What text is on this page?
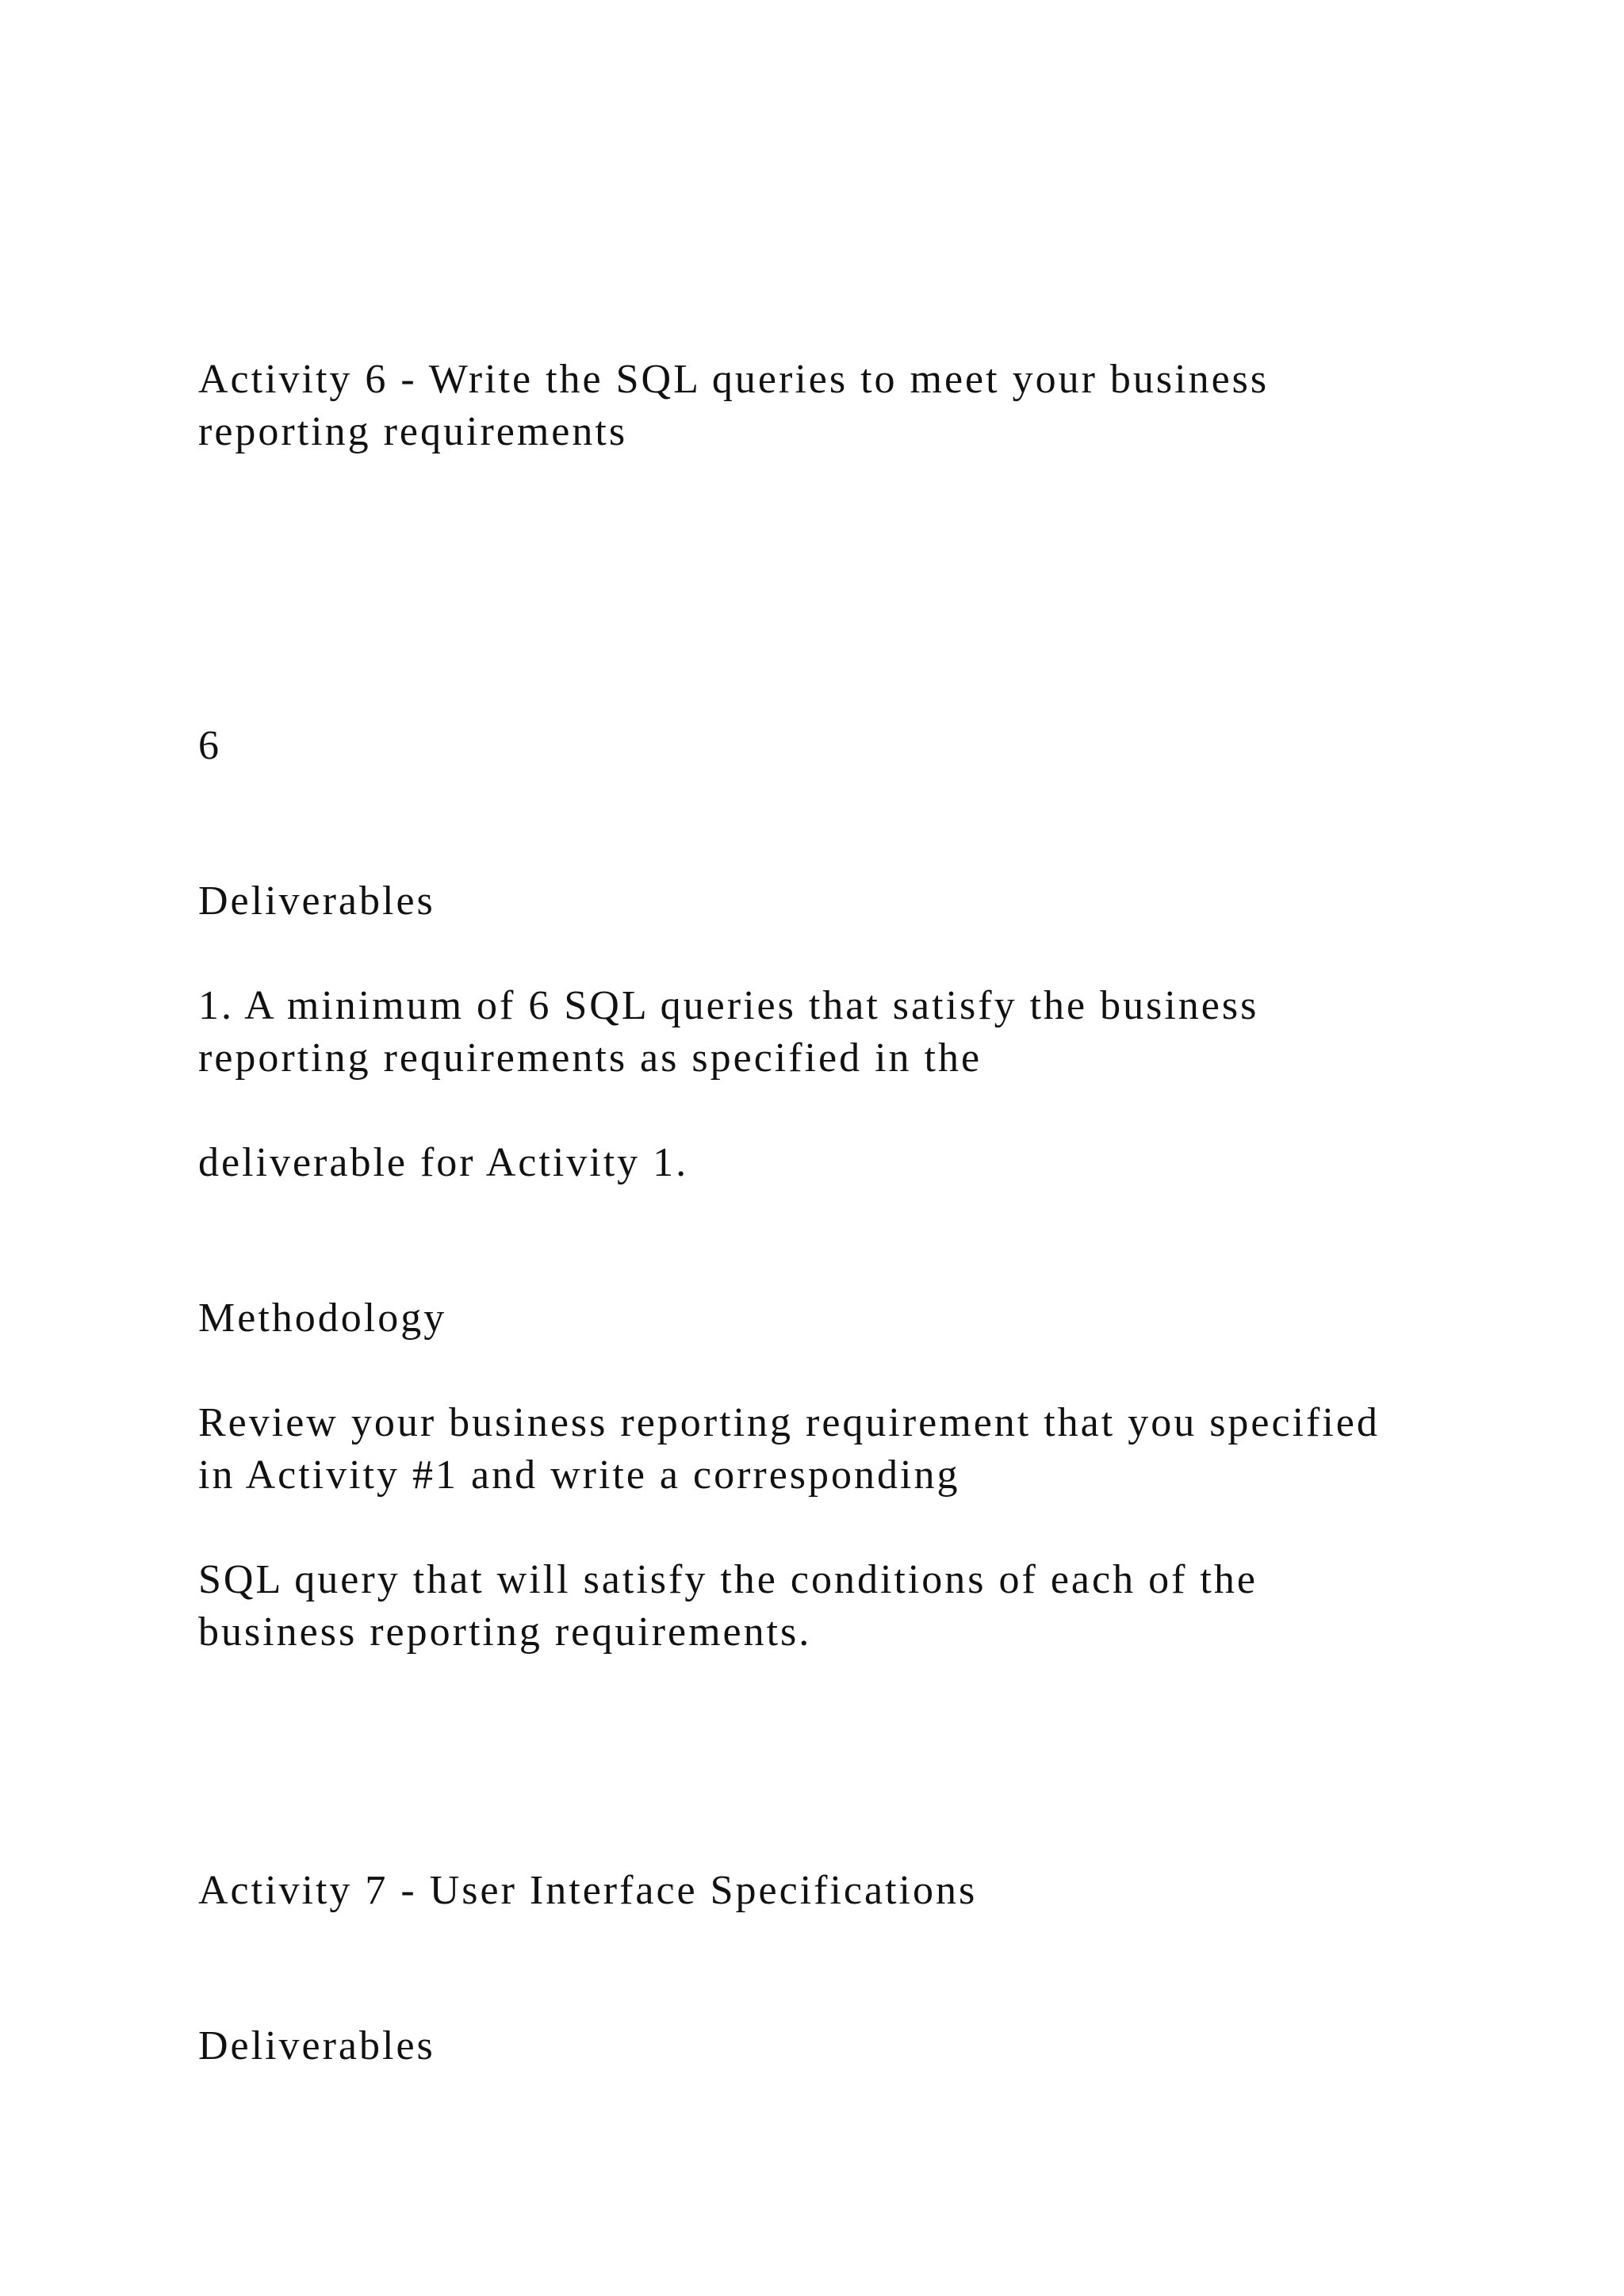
Activity 6 - Write the SQL queries to meet your business

reporting requirements

6

Deliverables

1. A minimum of 6 SQL queries that satisfy the business

reporting requirements as specified in the

deliverable for Activity 1.

Methodology

Review your business reporting requirement that you specified

in Activity #1 and write a corresponding

SQL query that will satisfy the conditions of each of the

business reporting requirements.

Activity 7 - User Interface Specifications

Deliverables
